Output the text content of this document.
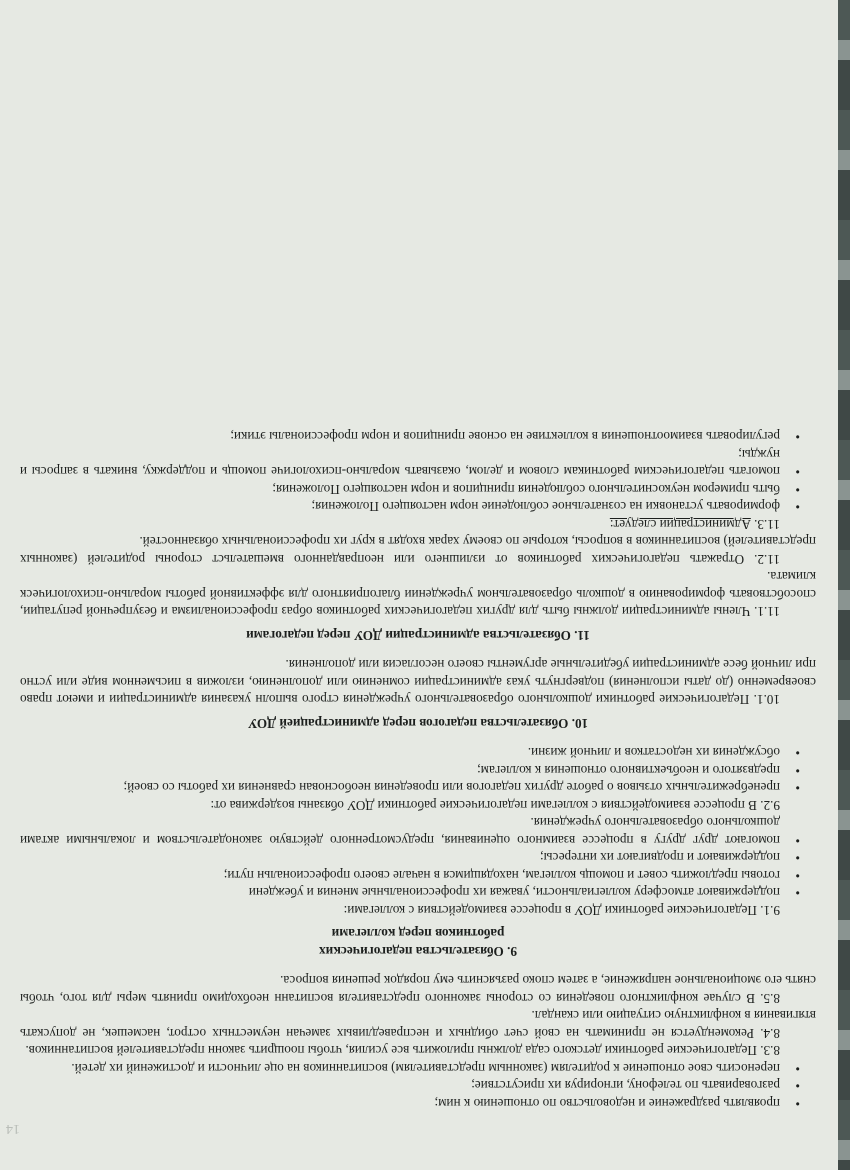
• проявлять раздражение и недовольство по отношению к ним;
• разговаривать по телефону, игнорируя их присутствие;
• переносить свое отношение к родителям (законным представителям) воспитанников на оце личности и достижений их детей.

8.3. Педагогические работники детского сада должны приложить все усилия, чтобы поощрить законн представителей воспитанников.

8.4. Рекомендуется не принимать на свой счет обидных и несправедливых замечан неуместных острот, насмешек, не допускать втягивания в конфликтную ситуацию или скандал.

8.5. В случае конфликтного поведения со стороны законного представителя воспитанн необходимо принять меры для того, чтобы снять его эмоциональное напряжение, а затем споко разъяснить ему порядок решения вопроса.

9. Обязательства педагогических
работников перед коллегами

9.1. Педагогические работники ДОУ в процессе взаимодействия с коллегами:

• поддерживают атмосферу коллегиальности, уважая их профессиональные мнения и убеждени
• готовы предложить совет и помощь коллегам, находящимся в начале своего профессиональн пути;
• поддерживают и продвигают их интересы;
• помогают друг другу в процессе взаимного оценивания, предусмотренного действую законодательством и локальными актами дошкольного образовательного учреждения.

9.2. В процессе взаимодействия с коллегами педагогические работники ДОУ обязаны воздержива от:

• пренебрежительных отзывов о работе других педагогов или проведения необоснован сравнения их работы со своей;
• предвзятого и необъективного отношения к коллегам;
• обсуждения их недостатков и личной жизни.
10. Обязательства педагогов перед администрацией ДОУ

10.1. Педагогические работники дошкольного образовательного учреждения строго выполн указания администрации и имеют право своевременно (до даты исполнения) подвергнуть указ администрации сомнению или дополнению, изложив в письменном виде или устно при личной бесе администрации убедительные аргументы своего несогласия или дополнения.

11. Обязательства администрации ДОУ перед педагогами

11.1. Члены администрации должны быть для других педагогических работников образ профессионализма и безупречной репутации, способствовать формированию в дошколь образовательном учреждении благоприятного для эффективной работы морально-психологическ климата.

11.2. Отражать педагогических работников от излишнего или неоправданного вмешательст стороны родителей (законных представителей) воспитанников в вопросы, которые по своему харак входят в круг их профессиональных обязанностей.

11.3. Администрации следует:

• формировать установки на сознательное соблюдение норм настоящего Положения;
• быть примером неукоснительного соблюдения принципов и норм настоящего Положения;
• помогать педагогическим работникам словом и делом, оказывать морально-психологиче помощь и поддержку, вникать в запросы и нужды;
• регулировать взаимоотношения в коллективе на основе принципов и норм профессионалы этики;
14
